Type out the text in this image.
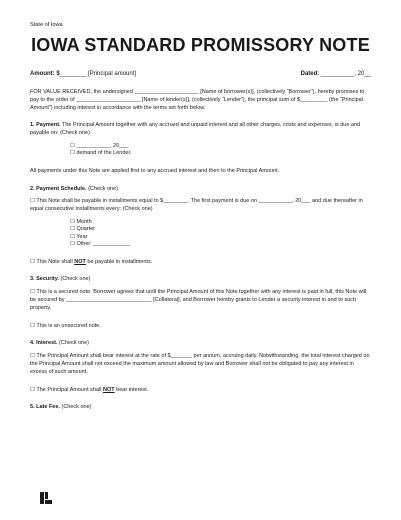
State of Iowa
IOWA STANDARD PROMISSORY NOTE
Amount: $________ [Principal amount]	Dated: __________, 20__

FOR VALUE RECEIVED, the undersigned _____________________ [Name of borrower(s)], (collectively “Borrower”), hereby promises to pay to the order of _____________________ [Name of lender(s)], (collectively “Lender”), the principal sum of $_________ (the “Principal Amount”) including interest in accordance with the terms set forth below.

1. Payment. The Principal Amount together with any accrued and unpaid interest and all other charges, costs and expenses, is due and payable on: (Check one)

☐ ___________, 20___
☐ demand of the Lender.

All payments under this Note are applied first to any accrued interest and then to the Principal Amount.

2. Payment Schedule. (Check one)

☐ This Note shall be payable in installments equal to $________. The first payment is due on ___________, 20___ and due thereafter in equal consecutive installments every: (Check one)

☐ Month
☐ Quarter
☐ Year
☐ Other: ____________

☐ This Note shall NOT be payable in installments.

3. Security. (Check one)

☐ This is a secured note. Borrower agrees that until the Principal Amount of this Note together with any interest is paid in full, this Note will be secured by ____________________________ [Collateral], and Borrower hereby grants to Lender a security interest in and to such property.

☐ This is an unsecured note.

4. Interest. (Check one)

☐ The Principal Amount shall bear interest at the rate of $_______ per annum, accruing daily. Notwithstanding, the total interest charged on the Principal Amount shall not exceed the maximum amount allowed by law and Borrower shall not be obligated to pay any interest in excess of such amount.

☐ The Principal Amount shall NOT bear interest.

5. Late Fee. (Check one)
